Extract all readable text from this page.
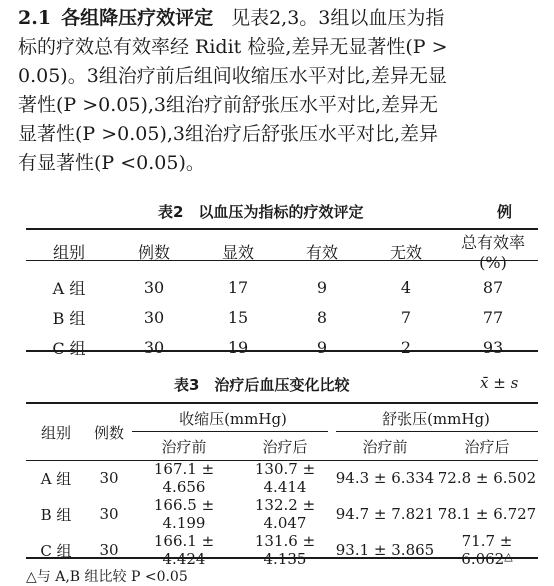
2.1 各组降压疗效评定 见表2,3。3组以血压为指
标的疗效总有效率经 Ridit 检验,差异无显著性(P >
0.05)。3组治疗前后组间收缩压水平对比,差异无显
著性(P >0.05),3组治疗前舒张压水平对比,差异无
显著性(P >0.05),3组治疗后舒张压水平对比,差异
有显著性(P <0.05)。
表2　以血压为指标的疗效评定	例
组别	例数	显效	有效	无效	总有效率(%)
A 组	30	17	9	4	87
B 组	30	15	8	7	77
C 组	30	19	9	2	93
表3　治疗后血压变化比较	x̄ ± s
组别	例数	收缩压(mmHg)		舒张压(mmHg)	
		治疗前	治疗后	治疗前	治疗后
A 组	30	167.1 ± 4.656	130.7 ± 4.414	94.3 ± 6.334	72.8 ± 6.502
B 组	30	166.5 ± 4.199	132.2 ± 4.047	94.7 ± 7.821	78.1 ± 6.727
C 组	30	166.1 ± 4.424	131.6 ± 4.135	93.1 ± 3.865	71.7 ± 6.062△
△与 A,B 组比较 P <0.05
